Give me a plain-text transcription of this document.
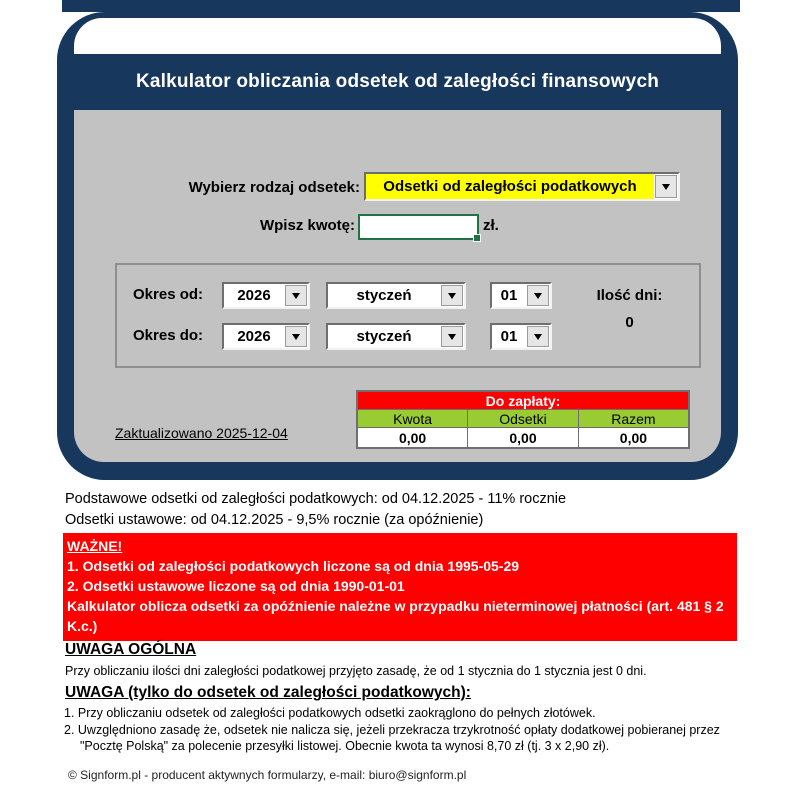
Kalkulator obliczania odsetek od zaległości finansowych
Wybierz rodzaj odsetek:	Odsetki od zaległości podatkowych
Wpisz kwotę:	zł.
Okres od:	2026	styczeń	01
Okres do:	2026	styczeń	01
Ilość dni:
0
Zaktualizowano 2025-12-04
Do zapłaty:		
Kwota	Odsetki	Razem
0,00	0,00	0,00
Podstawowe odsetki od zaległości podatkowych: od 04.12.2025 - 11% rocznie
Odsetki ustawowe: od 04.12.2025 - 9,5% rocznie (za opóźnienie)
WAŻNE!
1. Odsetki od zaległości podatkowych liczone są od dnia 1995-05-29
2. Odsetki ustawowe liczone są od dnia 1990-01-01
Kalkulator oblicza odsetki za opóźnienie należne w przypadku nieterminowej płatności (art. 481 § 2 K.c.)
UWAGA OGÓLNA
Przy obliczaniu ilości dni zaległości podatkowej przyjęto zasadę, że od 1 stycznia do 1 stycznia jest 0 dni.
UWAGA (tylko do odsetek od zaległości podatkowych):
1. Przy obliczaniu odsetek od zaległości podatkowych odsetki zaokrąglono do pełnych złotówek.
2. Uwzględniono zasadę że, odsetek nie nalicza się, jeżeli przekracza trzykrotność opłaty dodatkowej pobieranej przez "Pocztę Polską" za polecenie przesyłki listowej. Obecnie kwota ta wynosi 8,70 zł (tj. 3 x 2,90 zł).
© Signform.pl - producent aktywnych formularzy, e-mail: biuro@signform.pl
